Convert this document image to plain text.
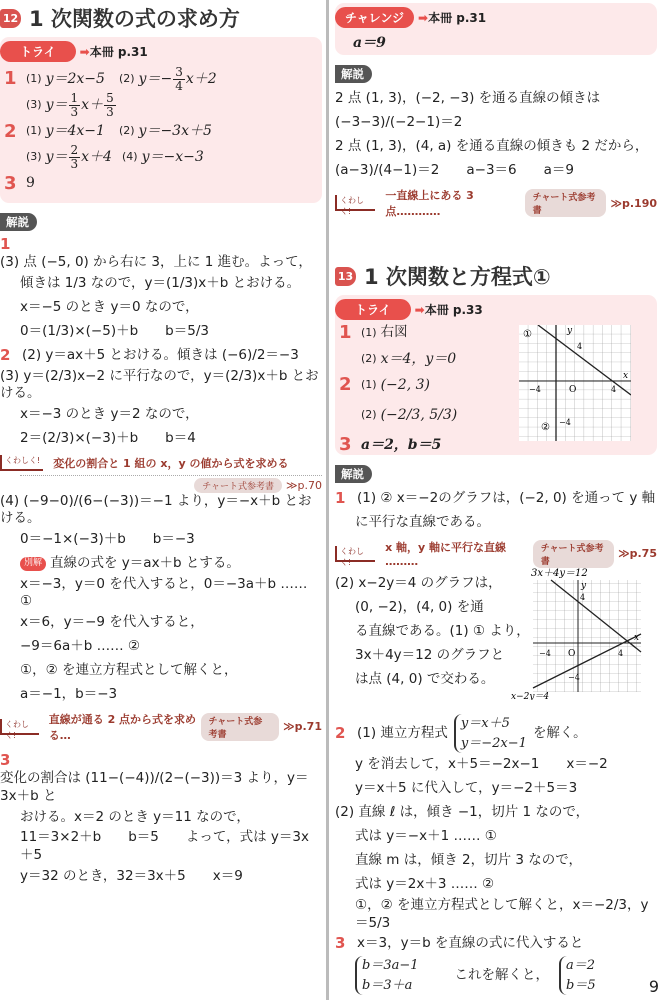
12 1 次関数の式の求め方
トライ ➡本冊 p.31
1 (1) y＝2x−5 (2) $y=- \frac{3}{4} x+2$
(3) $y= \frac{1}{3} x+ \frac{5}{3}$
2 (1) y＝4x−1 (2) y＝−3x＋5
(3) $y= \frac{2}{3} x+4$ (4) y＝−x−3
3 9
解説
1
(3) 点 (−5, 0) から右に 3，上に 1 進む。よって，
傾きは 1/3 なので，y＝(1/3)x＋b とおける。
x＝−5 のとき y＝0 なので，
0＝(1/3)×(−5)＋b　　b＝5/3
2 (2) y＝ax＋5 とおける。傾きは (−6)/2＝−3
(3) y＝(2/3)x−2 に平行なので，y＝(2/3)x＋b とおける。
x＝−3 のとき y＝2 なので，
2＝(2/3)×(−3)＋b　　b＝4
くわしく! 変化の割合と 1 組の x，y の値から式を求める
チャート式参考書	≫p.70
(4) (−9−0)/(6−(−3))＝−1 より，y＝−x＋b とおける。
0＝−1×(−3)＋b　　b＝−3
別解 直線の式を y＝ax＋b とする。
x＝−3，y＝0 を代入すると，0＝−3a＋b …… ①
x＝6，y＝−9 を代入すると，
−9＝6a＋b …… ②
①，② を連立方程式として解くと，
a＝−1，b＝−3
くわしく!
直線が通る 2 点から式を求める…
チャート式参考書
≫p.71
3
変化の割合は (11−(−4))/(2−(−3))＝3 より，y＝3x＋b と
おける。x＝2 のとき y＝11 なので，
11＝3×2＋b　　b＝5　　よって，式は y＝3x＋5
y＝32 のとき，32＝3x＋5　　x＝9
チャレンジ ➡本冊 p.31
a＝9
解説
2 点 (1, 3)，(−2, −3) を通る直線の傾きは
(−3−3)/(−2−1)＝2
2 点 (1, 3)，(4, a) を通る直線の傾きも 2 だから，
(a−3)/(4−1)＝2　　a−3＝6　　a＝9
くわしく!
一直線上にある 3 点…………
チャート式参考書
≫p.190
13 1 次関数と方程式①
トライ ➡本冊 p.33
1 (1) 右図
(2) x＝4，y＝0
2 (1) (−2, 3)
(2) (−2/3, 5/3)
3 a＝2，b＝5
①
②
y
x
O
4
4
−4
−4
解説
1 (1) ② x＝−2のグラフは，(−2, 0) を通って y 軸
に平行な直線である。
くわしく!
x 軸，y 軸に平行な直線 ………
チャート式参考書
≫p.75
(2) x−2y＝4 のグラフは，
(0, −2)，(4, 0) を通
る直線である。(1) ① より，
3x＋4y＝12 のグラフと
は点 (4, 0) で交わる。
3x＋4y＝12
x−2y＝4
y
x
O
4
4
−4
−4
2 (1) 連立方程式
y＝x＋5
y＝−2x−1
を解く。
y を消去して，x＋5＝−2x−1　　x＝−2
y＝x＋5 に代入して，y＝−2＋5＝3
(2) 直線 ℓ は，傾き −1，切片 1 なので，
式は y＝−x＋1 …… ①
直線 m は，傾き 2，切片 3 なので，
式は y＝2x＋3 …… ②
①，② を連立方程式として解くと，x＝−2/3，y＝5/3
3 x＝3，y＝b を直線の式に代入すると
b＝3a−1
b＝3＋a
これを解くと，
a＝2
b＝5	9
